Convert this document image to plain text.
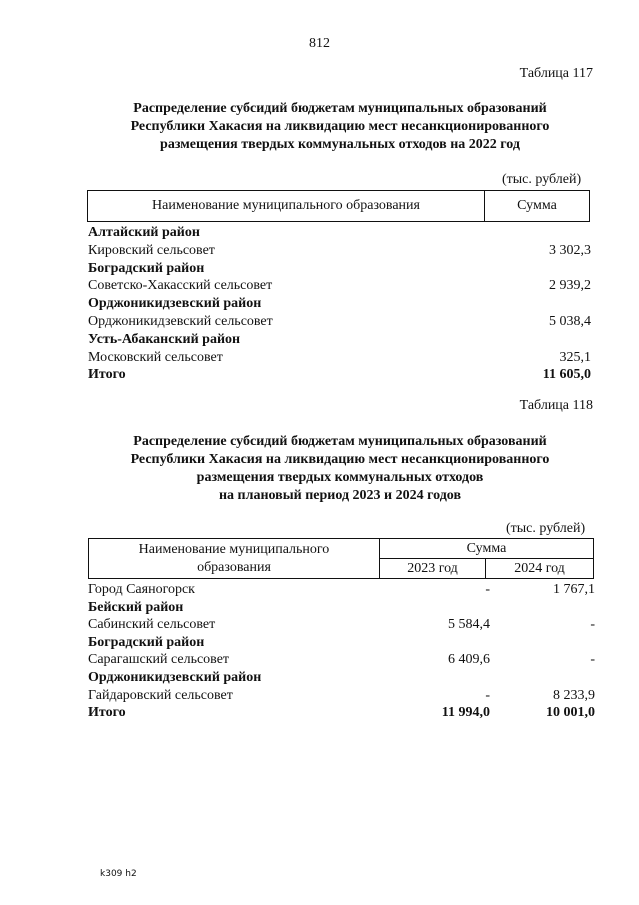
812
Таблица 117
Распределение субсидий бюджетам муниципальных образований
Республики Хакасия на ликвидацию мест несанкционированного
размещения твердых коммунальных отходов на 2022 год
(тыс. рублей)
Наименование муниципального образования	Сумма
Алтайский район
Кировский сельсовет	3 302,3
Боградский район
Советско-Хакасский сельсовет	2 939,2
Орджоникидзевский район
Орджоникидзевский сельсовет	5 038,4
Усть-Абаканский район
Московский сельсовет	325,1
Итого	11 605,0
Таблица 118
Распределение субсидий бюджетам муниципальных образований
Республики Хакасия на ликвидацию мест несанкционированного
размещения твердых коммунальных отходов
на плановый период 2023 и 2024 годов
(тыс. рублей)
Наименование муниципального
образования	Сумма	
	2023 год	2024 год
Город Саяногорск	-	1 767,1
Бейский район
Сабинский сельсовет	5 584,4	-
Боградский район
Сарагашский сельсовет	6 409,6	-
Орджоникидзевский район
Гайдаровский сельсовет	-	8 233,9
Итого	11 994,0	10 001,0
k309 h2
